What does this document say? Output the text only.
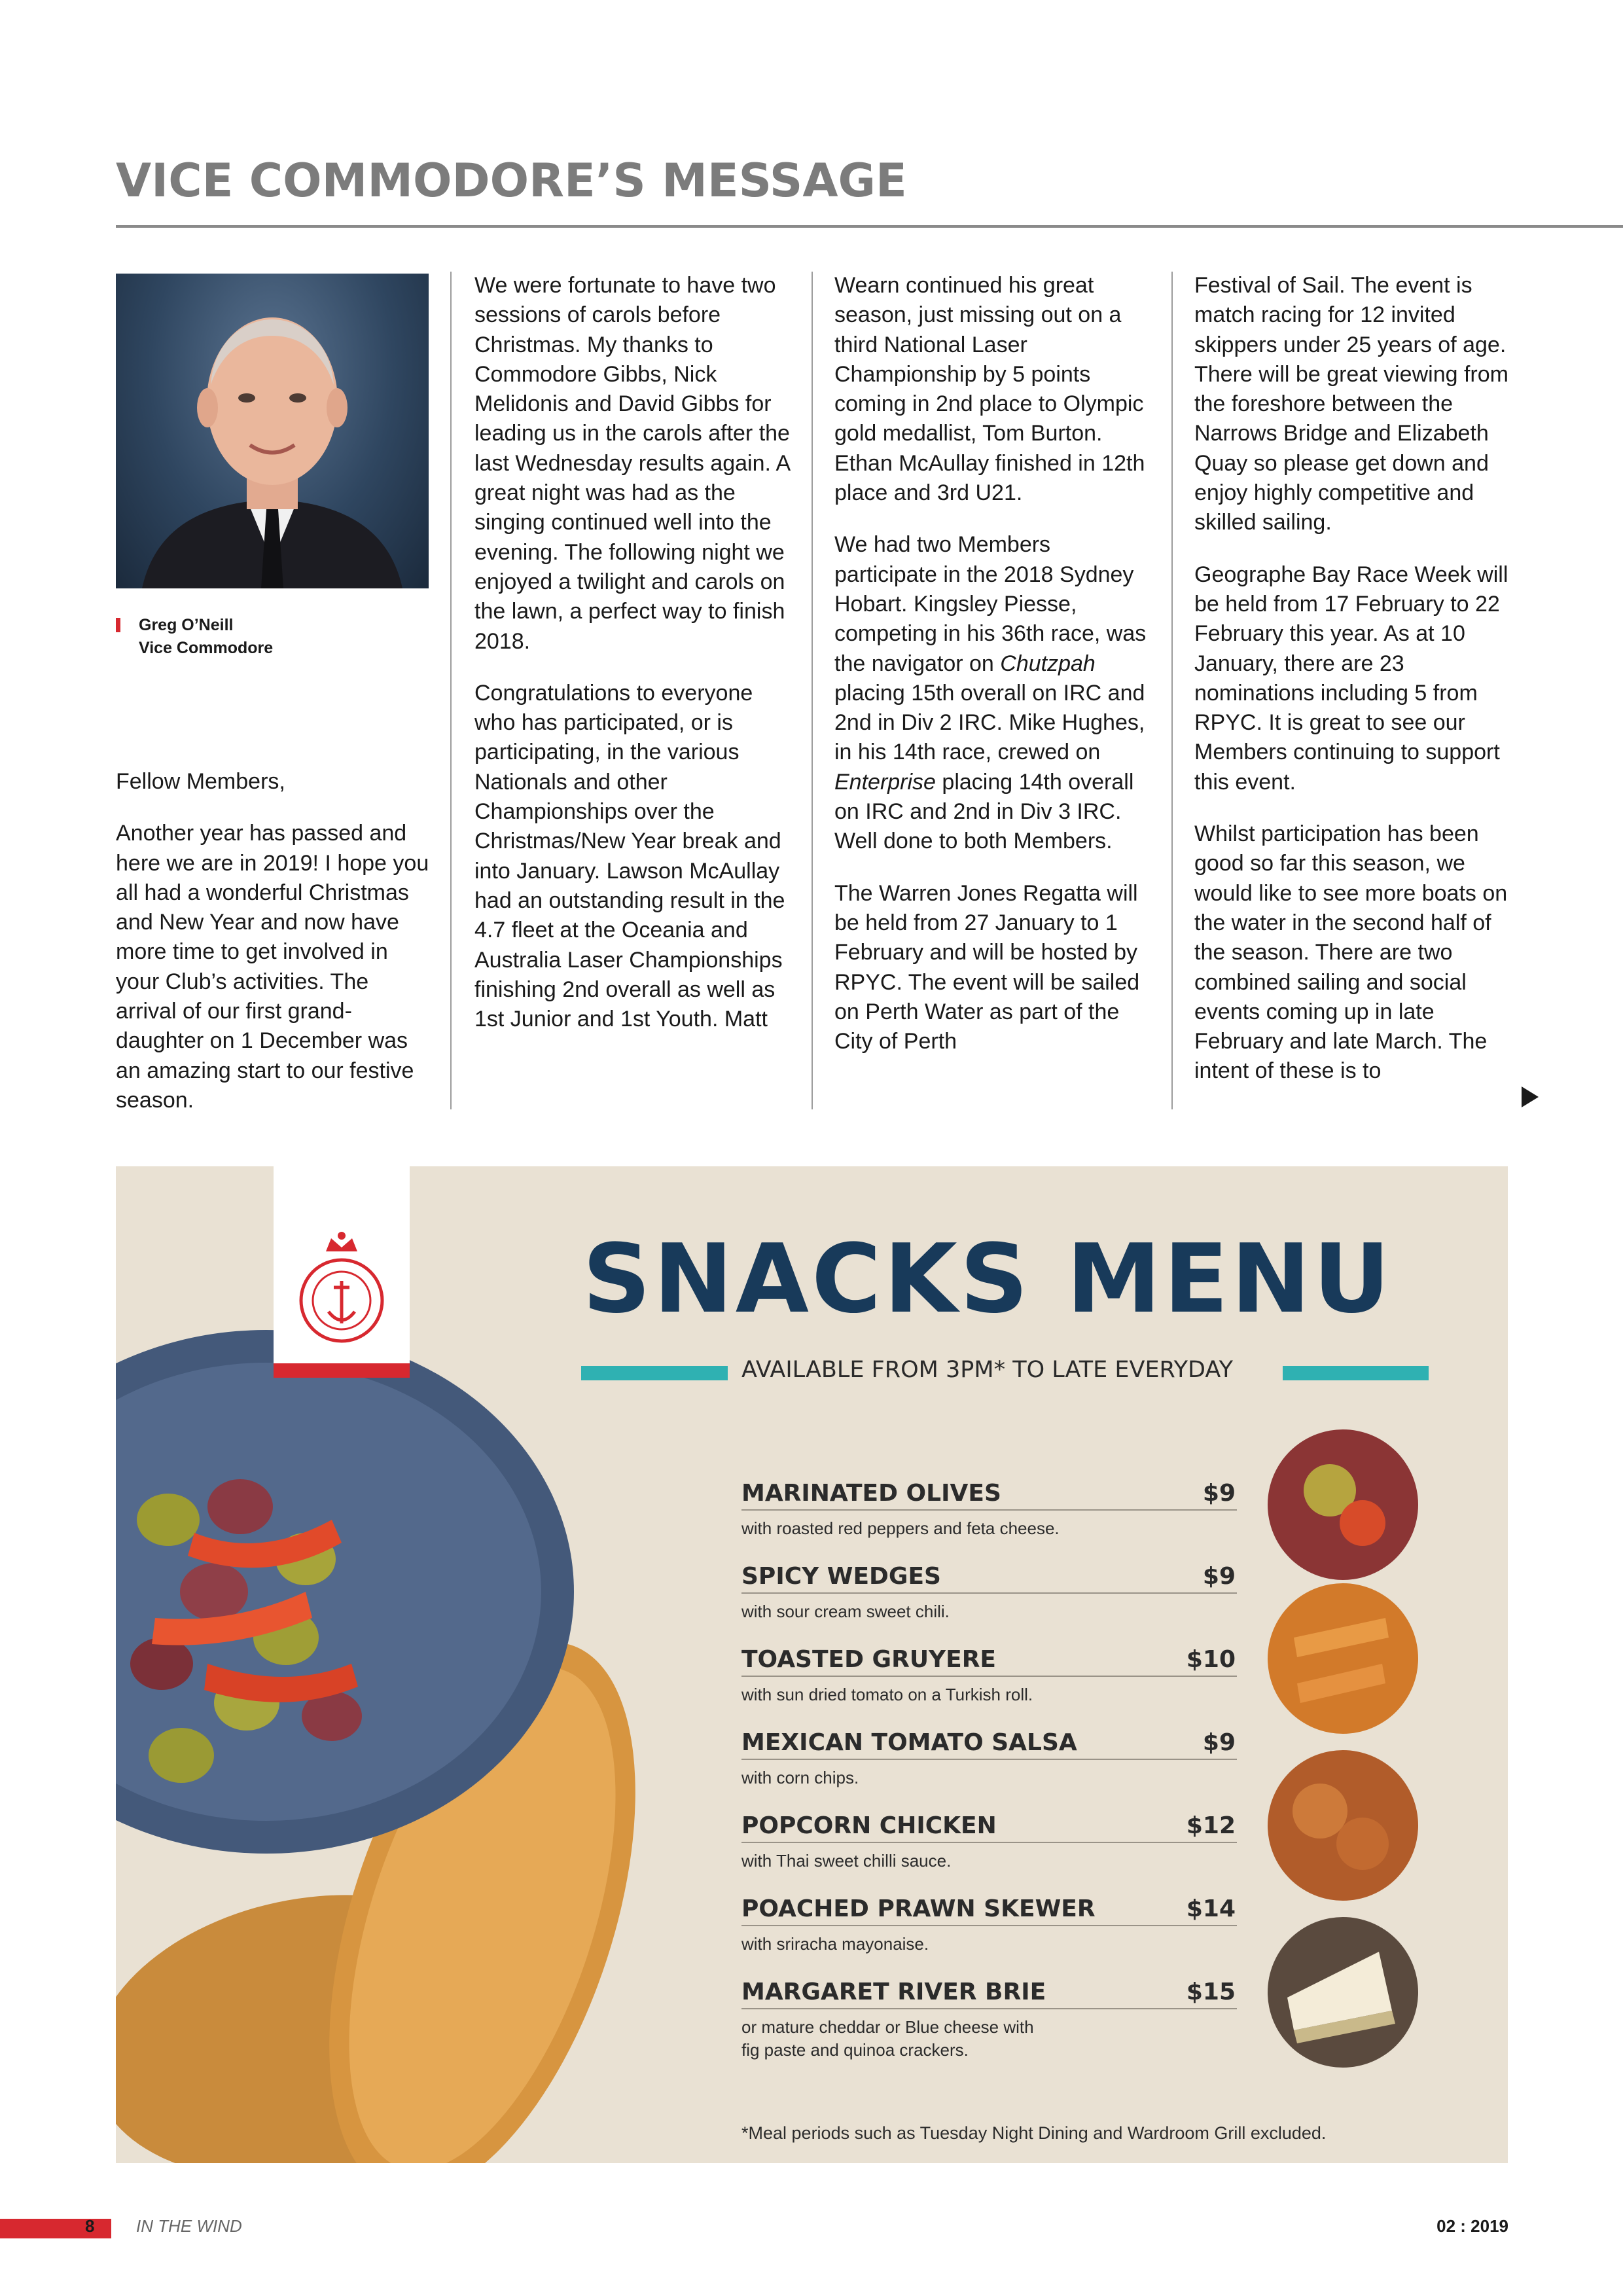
VICE COMMODORE’S MESSAGE
Greg O’Neill
Vice Commodore

Fellow Members,

Another year has passed and here we are in 2019! I hope you all had a wonderful Christmas and New Year and now have more time to get involved in your Club’s activities. The arrival of our first grand-daughter on 1 December was an amazing start to our festive season.

We were fortunate to have two sessions of carols before Christmas. My thanks to Commodore Gibbs, Nick Melidonis and David Gibbs for leading us in the carols after the last Wednesday results again. A great night was had as the singing continued well into the evening. The following night we enjoyed a twilight and carols on the lawn, a perfect way to finish 2018.

Congratulations to everyone who has participated, or is participating, in the various Nationals and other Championships over the Christmas/New Year break and into January. Lawson McAullay had an outstanding result in the 4.7 fleet at the Oceania and Australia Laser Championships finishing 2nd overall as well as 1st Junior and 1st Youth. Matt

Wearn continued his great season, just missing out on a third National Laser Championship by 5 points coming in 2nd place to Olympic gold medallist, Tom Burton. Ethan McAullay finished in 12th place and 3rd U21.

We had two Members participate in the 2018 Sydney Hobart. Kingsley Piesse, competing in his 36th race, was the navigator on Chutzpah placing 15th overall on IRC and 2nd in Div 2 IRC. Mike Hughes, in his 14th race, crewed on Enterprise placing 14th overall on IRC and 2nd in Div 3 IRC. Well done to both Members.

The Warren Jones Regatta will be held from 27 January to 1 February and will be hosted by RPYC. The event will be sailed on Perth Water as part of the City of Perth

Festival of Sail. The event is match racing for 12 invited skippers under 25 years of age. There will be great viewing from the foreshore between the Narrows Bridge and Elizabeth Quay so please get down and enjoy highly competitive and skilled sailing.

Geographe Bay Race Week will be held from 17 February to 22 February this year. As at 10 January, there are 23 nominations including 5 from RPYC. It is great to see our Members continuing to support this event.

Whilst participation has been good so far this season, we would like to see more boats on the water in the second half of the season. There are two combined sailing and social events coming up in late February and late March. The intent of these is to

SNACKS MENU
AVAILABLE FROM 3PM* TO LATE EVERYDAY
MARINATED OLIVES	$9
with roasted red peppers and feta cheese.
SPICY WEDGES	$9
with sour cream sweet chili.
TOASTED GRUYERE	$10
with sun dried tomato on a Turkish roll.
MEXICAN TOMATO SALSA	$9
with corn chips.
POPCORN CHICKEN	$12
with Thai sweet chilli sauce.
POACHED PRAWN SKEWER	$14
with sriracha mayonaise.
MARGARET RIVER BRIE	$15
or mature cheddar or Blue cheese with
fig paste and quinoa crackers.
*Meal periods such as Tuesday Night Dining and Wardroom Grill excluded.
8 IN THE WIND	02 : 2019
